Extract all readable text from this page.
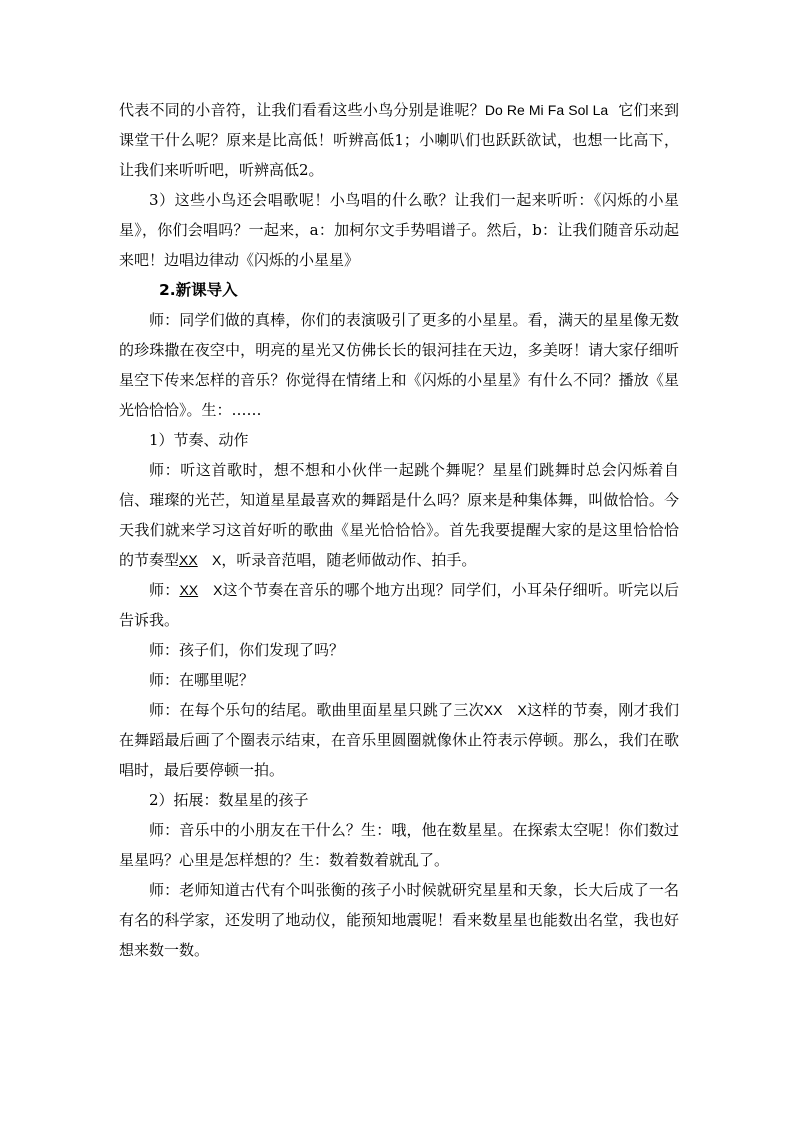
代表不同的小音符，让我们看看这些小鸟分别是谁呢？Do Re Mi Fa Sol La 它们来到课堂干什么呢？原来是比高低！听辨高低1；小喇叭们也跃跃欲试，也想一比高下，让我们来听听吧，听辨高低2。

3）这些小鸟还会唱歌呢！小鸟唱的什么歌？让我们一起来听听：《闪烁的小星星》，你们会唱吗？一起来，a：加柯尔文手势唱谱子。然后，b：让我们随音乐动起来吧！边唱边律动《闪烁的小星星》

2.新课导入

师：同学们做的真棒，你们的表演吸引了更多的小星星。看，满天的星星像无数的珍珠撒在夜空中，明亮的星光又仿佛长长的银河挂在天边，多美呀！请大家仔细听星空下传来怎样的音乐？你觉得在情绪上和《闪烁的小星星》有什么不同？播放《星光恰恰恰》。生：……

1）节奏、动作

师：听这首歌时，想不想和小伙伴一起跳个舞呢？星星们跳舞时总会闪烁着自信、璀璨的光芒，知道星星最喜欢的舞蹈是什么吗？原来是种集体舞，叫做恰恰。今天我们就来学习这首好听的歌曲《星光恰恰恰》。首先我要提醒大家的是这里恰恰恰的节奏型XX X，听录音范唱，随老师做动作、拍手。

师：XX X这个节奏在音乐的哪个地方出现？同学们，小耳朵仔细听。听完以后告诉我。

师：孩子们，你们发现了吗？

师：在哪里呢？

师：在每个乐句的结尾。歌曲里面星星只跳了三次XX X这样的节奏，刚才我们在舞蹈最后画了个圈表示结束，在音乐里圆圈就像休止符表示停顿。那么，我们在歌唱时，最后要停顿一拍。

2）拓展：数星星的孩子

师：音乐中的小朋友在干什么？生：哦，他在数星星。在探索太空呢！你们数过星星吗？心里是怎样想的？生：数着数着就乱了。

师：老师知道古代有个叫张衡的孩子小时候就研究星星和天象，长大后成了一名有名的科学家，还发明了地动仪，能预知地震呢！看来数星星也能数出名堂，我也好想来数一数。
